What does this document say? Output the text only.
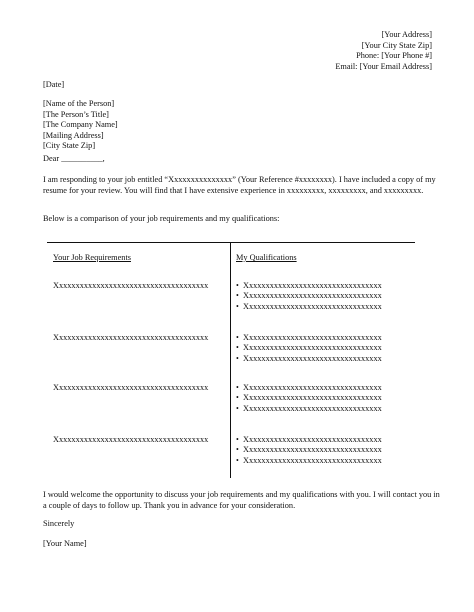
[Your Address]
[Your City State Zip]
Phone: [Your Phone #]
Email: [Your Email Address]
[Date]
[Name of the Person]
[The Person’s Title]
[The Company Name]
[Mailing Address]
[City State Zip]
Dear __________,

I am responding to your job entitled “Xxxxxxxxxxxxxxx” (Your Reference #xxxxxxxx). I have included a copy of my resume for your review. You will find that I have extensive experience in xxxxxxxxx, xxxxxxxxx, and xxxxxxxxx.

Below is a comparison of your job requirements and my qualifications:

Your Job Requirements	My Qualifications
Xxxxxxxxxxxxxxxxxxxxxxxxxxxxxxxxxxxxx	• Xxxxxxxxxxxxxxxxxxxxxxxxxxxxxxxxx
• Xxxxxxxxxxxxxxxxxxxxxxxxxxxxxxxxx
• Xxxxxxxxxxxxxxxxxxxxxxxxxxxxxxxxx
Xxxxxxxxxxxxxxxxxxxxxxxxxxxxxxxxxxxxx	• Xxxxxxxxxxxxxxxxxxxxxxxxxxxxxxxxx
• Xxxxxxxxxxxxxxxxxxxxxxxxxxxxxxxxx
• Xxxxxxxxxxxxxxxxxxxxxxxxxxxxxxxxx
Xxxxxxxxxxxxxxxxxxxxxxxxxxxxxxxxxxxxx	• Xxxxxxxxxxxxxxxxxxxxxxxxxxxxxxxxx
• Xxxxxxxxxxxxxxxxxxxxxxxxxxxxxxxxx
• Xxxxxxxxxxxxxxxxxxxxxxxxxxxxxxxxx
Xxxxxxxxxxxxxxxxxxxxxxxxxxxxxxxxxxxxx	• Xxxxxxxxxxxxxxxxxxxxxxxxxxxxxxxxx
• Xxxxxxxxxxxxxxxxxxxxxxxxxxxxxxxxx
• Xxxxxxxxxxxxxxxxxxxxxxxxxxxxxxxxx

I would welcome the opportunity to discuss your job requirements and my qualifications with you. I will contact you in a couple of days to follow up. Thank you in advance for your consideration.

Sincerely
[Your Name]
